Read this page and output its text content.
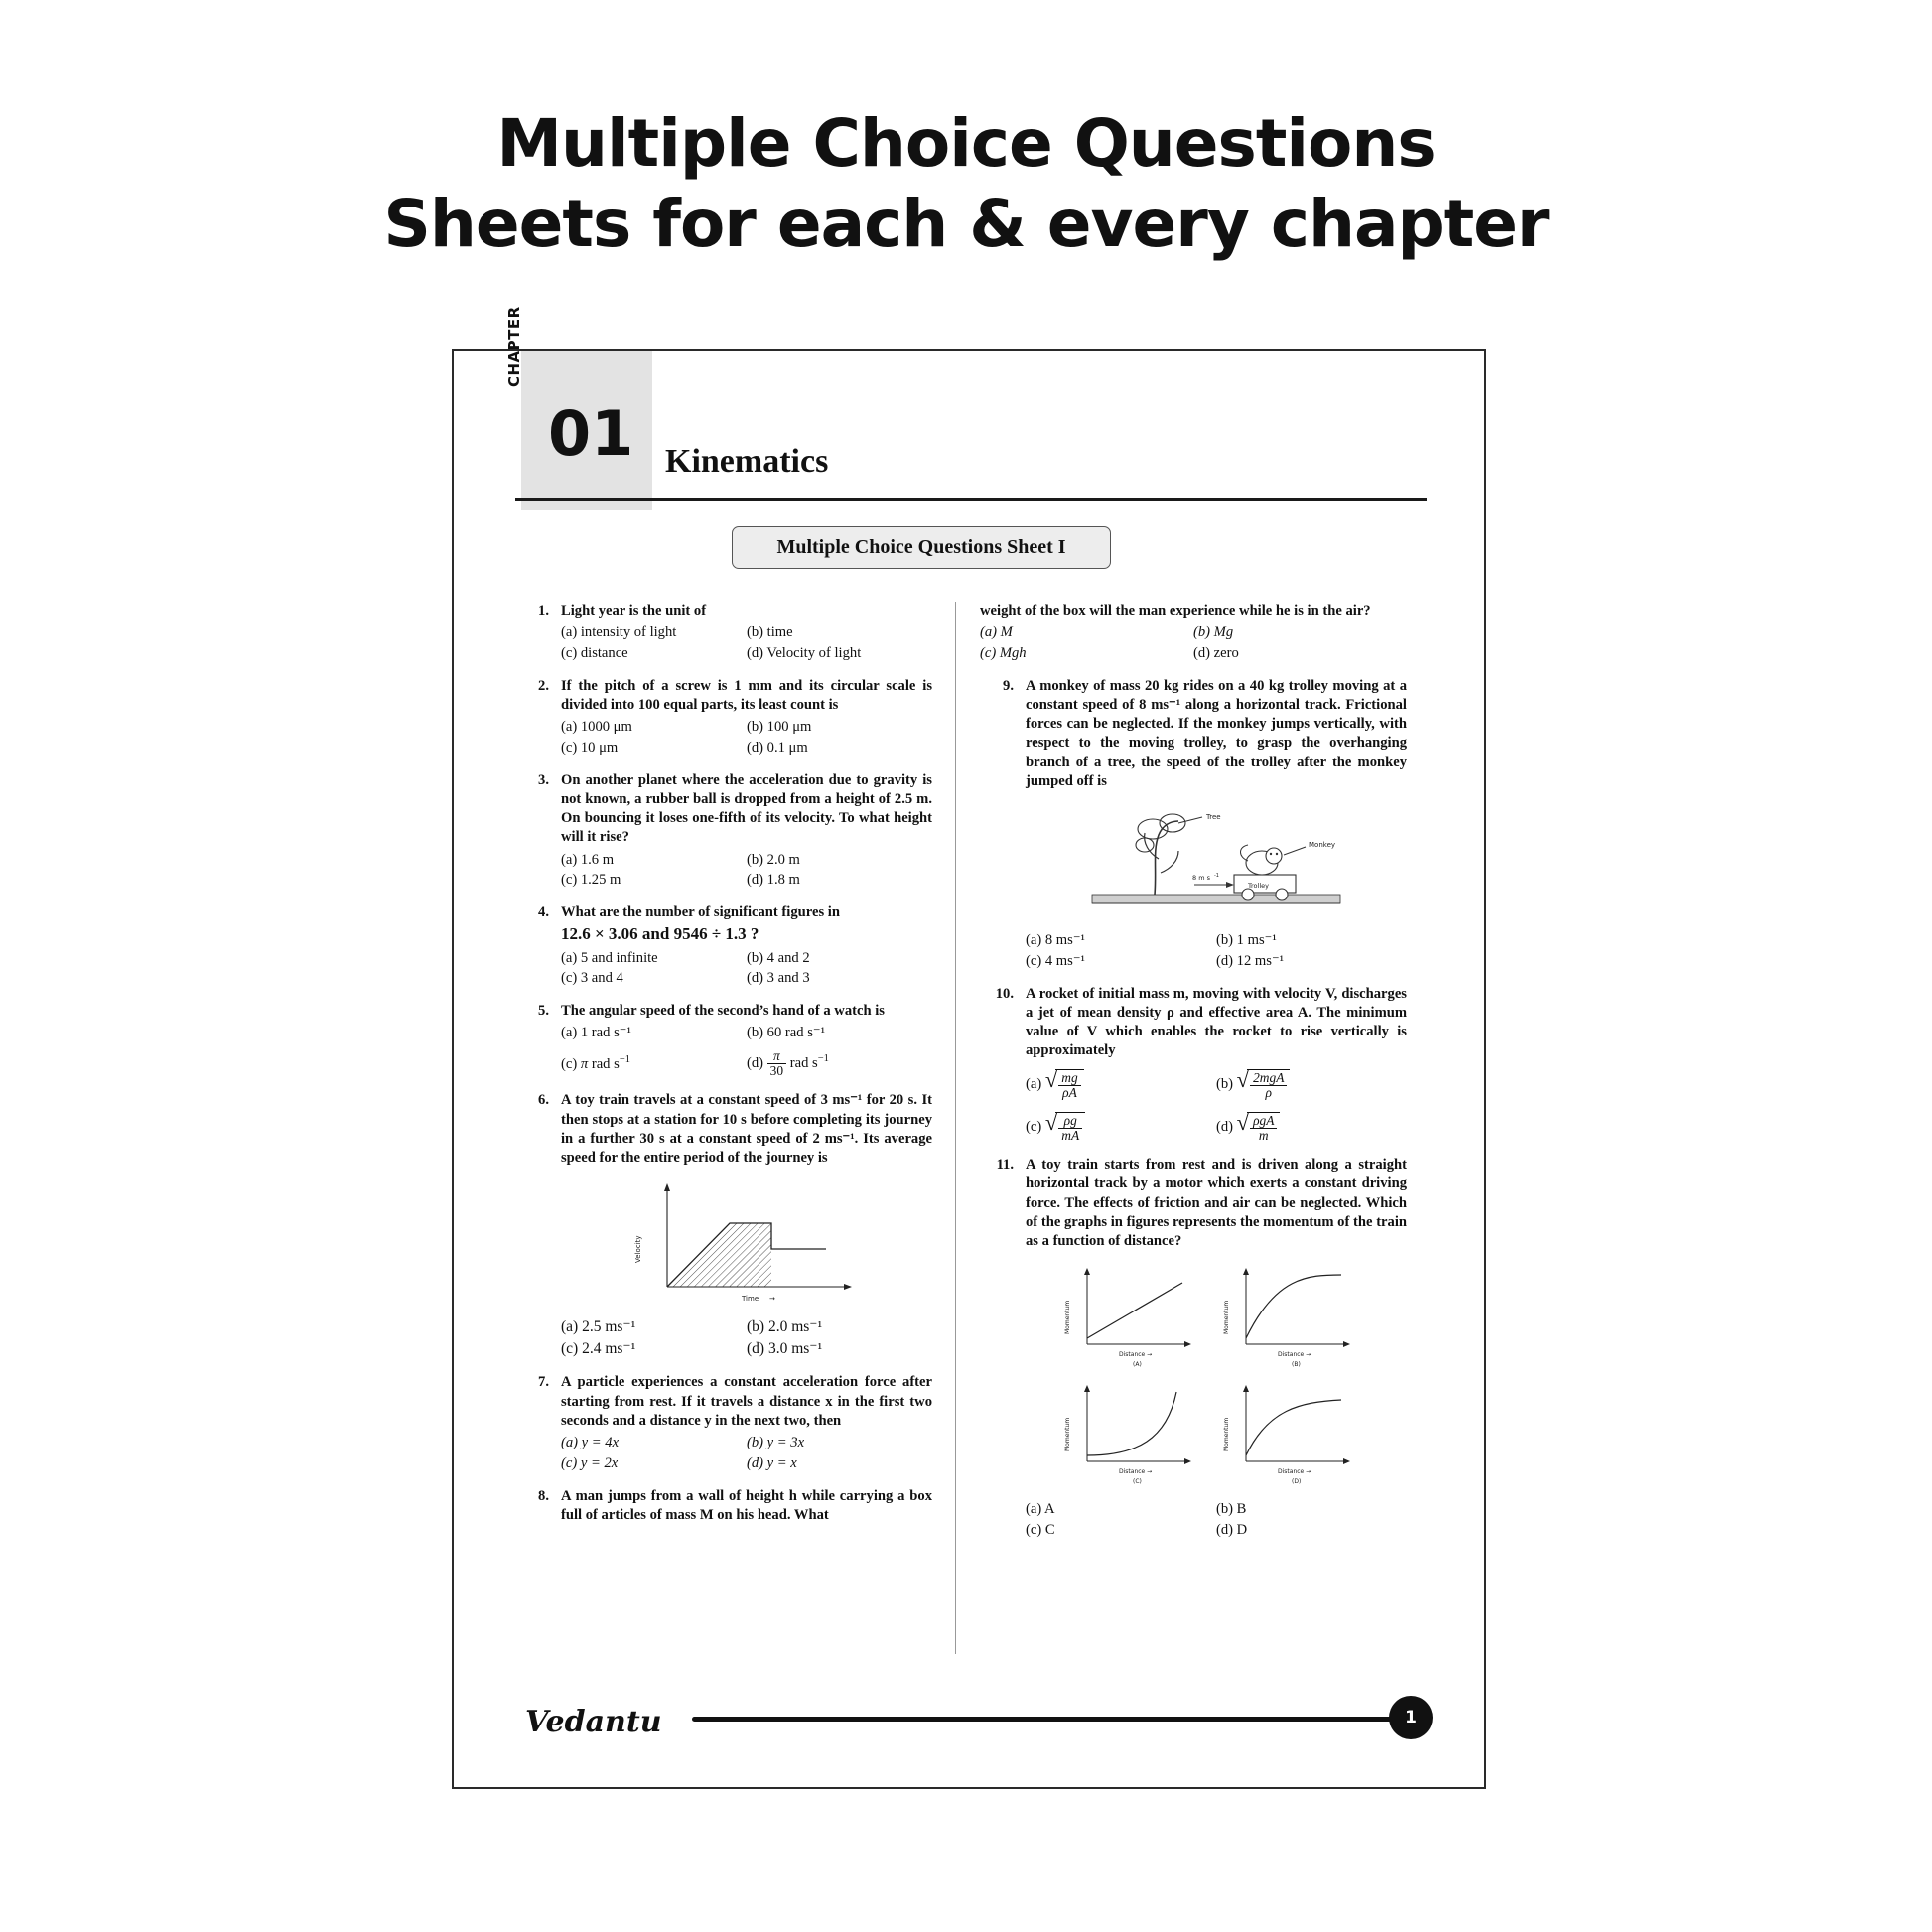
Multiple Choice Questions
Sheets for each & every chapter
CHAPTER
01 Kinematics
Multiple Choice Questions Sheet I
1. Light year is the unit of
(a) intensity of light	(b) time
(c) distance	(d) Velocity of light
2. If the pitch of a screw is 1 mm and its circular scale is divided into 100 equal parts, its least count is
(a) 1000 μm	(b) 100 μm
(c) 10 μm	(d) 0.1 μm
3. On another planet where the acceleration due to gravity is not known, a rubber ball is dropped from a height of 2.5 m. On bouncing it loses one-fifth of its velocity. To what height will it rise?
(a) 1.6 m	(b) 2.0 m
(c) 1.25 m	(d) 1.8 m
4. What are the number of significant figures in
12.6 × 3.06 and 9546 ÷ 1.3 ?
(a) 5 and infinite	(b) 4 and 2
(c) 3 and 4	(d) 3 and 3
5. The angular speed of the second’s hand of a watch is
(a) 1 rad s⁻¹	(b) 60 rad s⁻¹
(c) π rad $s^{-1}$	$(d) \frac{\pi}{30}$ rad $s^{-1}$
6. A toy train travels at a constant speed of 3 ms⁻¹ for 20 s. It then stops at a station for 10 s before completing its journey in a further 30 s at a constant speed of 2 ms⁻¹. Its average speed for the entire period of the journey is
Velocity
Time →
(a) 2.5 ms⁻¹	(b) 2.0 ms⁻¹
(c) 2.4 ms⁻¹	(d) 3.0 ms⁻¹
7. A particle experiences a constant acceleration force after starting from rest. If it travels a distance x in the first two seconds and a distance y in the next two, then
(a) y = 4x	(b) y = 3x
(c) y = 2x	(d) y = x
8. A man jumps from a wall of height h while carrying a box full of articles of mass M on his head. What
weight of the box will the man experience while he is in the air?
(a) M	(b) Mg
(c) Mgh	(d) zero
9. A monkey of mass 20 kg rides on a 40 kg trolley moving at a constant speed of 8 ms⁻¹ along a horizontal track. Frictional forces can be neglected. If the monkey jumps vertically, with respect to the moving trolley, to grasp the overhanging branch of a tree, the speed of the trolley after the monkey jumped off is
Tree
Trolley
Monkey
8 m s -1
(a) 8 ms⁻¹	(b) 1 ms⁻¹
(c) 4 ms⁻¹	(d) 12 ms⁻¹
10. A rocket of initial mass m, moving with velocity V, discharges a jet of mean density ρ and effective area A. The minimum value of V which enables the rocket to rise vertically is approximately
(a) √ $\frac{mg}{\rho A}$	(b) √ $\frac{\text{2mgA}}{\rho}$
(c) √ $\frac{\rho g}{mA}$	(d) √ $\frac{\text{ρgA}}{m}$
11. A toy train starts from rest and is driven along a straight horizontal track by a motor which exerts a constant driving force. The effects of friction and air can be neglected. Which of the graphs in figures represents the momentum of the train as a function of distance?
Momentum
Distance →
(A)
Momentum
Distance →
(B)
Momentum
Distance →
(C)
Momentum
Distance →
(D)
(a) A	(b) B
(c) C	(d) D
Vedantu	1
